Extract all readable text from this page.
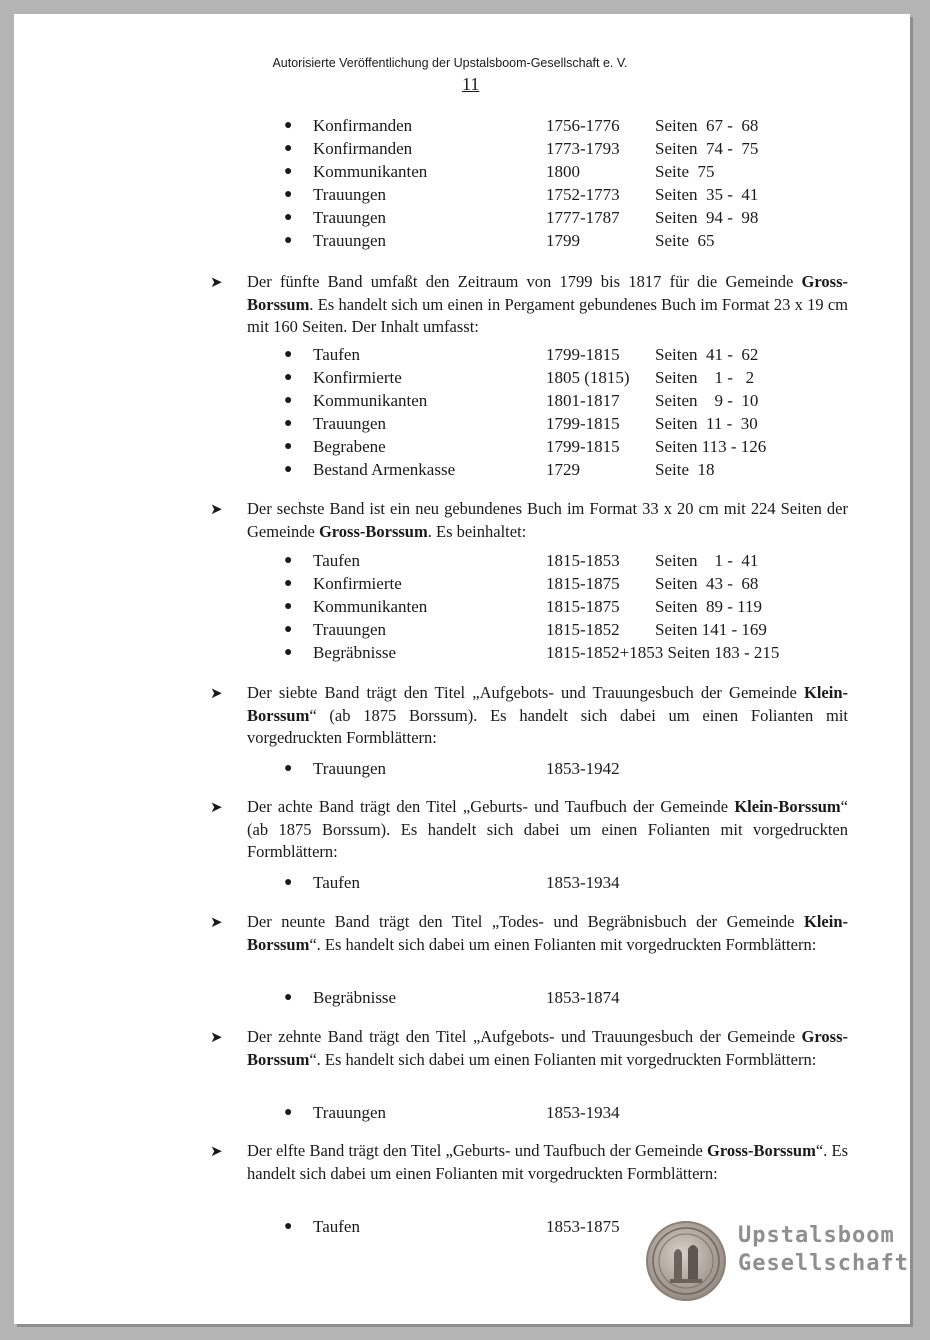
Autorisierte Veröffentlichung der Upstalsboom-Gesellschaft e. V.
11
● Konfirmanden	1756-1776 Seiten  67 -  68
● Konfirmanden	1773-1793 Seiten  74 -  75
● Kommunikanten	1800	Seite  75
● Trauungen	1752-1773 Seiten  35 -  41
● Trauungen	1777-1787 Seiten  94 -  98
● Trauungen	1799	Seite  65
➤ Der fünfte Band umfaßt den Zeitraum von 1799 bis 1817 für die Gemeinde Gross-Borssum. Es handelt sich um einen in Pergament gebundenes Buch im Format 23 x 19 cm mit 160 Seiten. Der Inhalt umfasst:
● Taufen	1799-1815 Seiten  41 -  62
● Konfirmierte	1805 (1815) Seiten    1 -   2
● Kommunikanten	1801-1817 Seiten    9 -  10
● Trauungen	1799-1815 Seiten  11 -  30
● Begrabene	1799-1815 Seiten 113 - 126
● Bestand Armenkasse	1729	Seite  18
➤ Der sechste Band ist ein neu gebundenes Buch im Format 33 x 20 cm mit 224 Seiten der Gemeinde Gross-Borssum. Es beinhaltet:
● Taufen	1815-1853 Seiten    1 -  41
● Konfirmierte	1815-1875 Seiten  43 -  68
● Kommunikanten	1815-1875 Seiten  89 - 119
● Trauungen	1815-1852 Seiten 141 - 169
● Begräbnisse	1815-1852+1853 Seiten 183 - 215
➤ Der siebte Band trägt den Titel „Aufgebots- und Trauungesbuch der Gemeinde Klein-Borssum“ (ab 1875 Borssum). Es handelt sich dabei um einen Folianten mit vorgedruckten Formblättern:
● Trauungen	1853-1942
➤ Der achte Band trägt den Titel „Geburts- und Taufbuch der Gemeinde Klein-Borssum“ (ab 1875 Borssum). Es handelt sich dabei um einen Folianten mit vorgedruckten Formblättern:
● Taufen	1853-1934
➤ Der neunte Band trägt den Titel „Todes- und Begräbnisbuch der Gemeinde Klein-Borssum“. Es handelt sich dabei um einen Folianten mit vorgedruckten Formblättern:
● Begräbnisse	1853-1874
➤ Der zehnte Band trägt den Titel „Aufgebots- und Trauungesbuch der Gemeinde Gross-Borssum“. Es handelt sich dabei um einen Folianten mit vorgedruckten Formblättern:
● Trauungen	1853-1934
➤ Der elfte Band trägt den Titel „Geburts- und Taufbuch der Gemeinde Gross-Borssum“. Es handelt sich dabei um einen Folianten mit vorgedruckten Formblättern:
● Taufen	1853-1875	Upstalsboom
Gesellschaft
